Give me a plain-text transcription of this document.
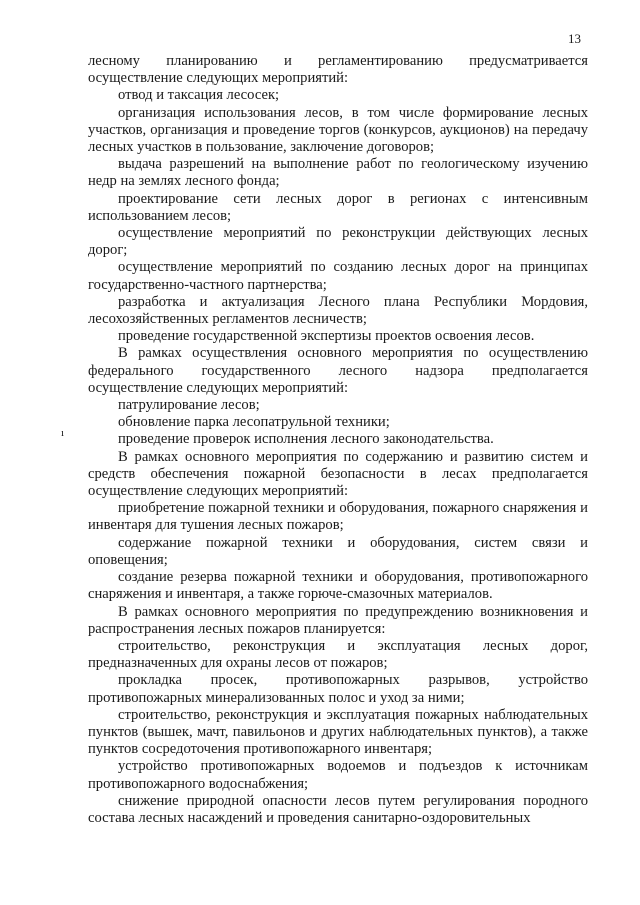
13
ı

лесному планированию и регламентированию предусматривается осуществление следующих мероприятий:

отвод и таксация лесосек;

организация использования лесов, в том числе формирование лесных участков, организация и проведение торгов (конкурсов, аукционов) на передачу лесных участков в пользование, заключение договоров;

выдача разрешений на выполнение работ по геологическому изучению недр на землях лесного фонда;

проектирование сети лесных дорог в регионах с интенсивным использованием лесов;

осуществление мероприятий по реконструкции действующих лесных дорог;

осуществление мероприятий по созданию лесных дорог на принципах государственно-частного партнерства;

разработка и актуализация Лесного плана Республики Мордовия, лесохозяйственных регламентов лесничеств;

проведение государственной экспертизы проектов освоения лесов.

В рамках осуществления основного мероприятия по осуществлению федерального государственного лесного надзора предполагается осуществление следующих мероприятий:

патрулирование лесов;

обновление парка лесопатрульной техники;

проведение проверок исполнения лесного законодательства.

В рамках основного мероприятия по содержанию и развитию систем и средств обеспечения пожарной безопасности в лесах предполагается осуществление следующих мероприятий:

приобретение пожарной техники и оборудования, пожарного снаряжения и инвентаря для тушения лесных пожаров;

содержание пожарной техники и оборудования, систем связи и оповещения;

создание резерва пожарной техники и оборудования, противопожарного снаряжения и инвентаря, а также горюче-смазочных материалов.

В рамках основного мероприятия по предупреждению возникновения и распространения лесных пожаров планируется:

строительство, реконструкция и эксплуатация лесных дорог, предназначенных для охраны лесов от пожаров;

прокладка просек, противопожарных разрывов, устройство противопожарных минерализованных полос и уход за ними;

строительство, реконструкция и эксплуатация пожарных наблюдательных пунктов (вышек, мачт, павильонов и других наблюдательных пунктов), а также пунктов сосредоточения противопожарного инвентаря;

устройство противопожарных водоемов и подъездов к источникам противопожарного водоснабжения;

снижение природной опасности лесов путем регулирования породного состава лесных насаждений и проведения санитарно-оздоровительных
